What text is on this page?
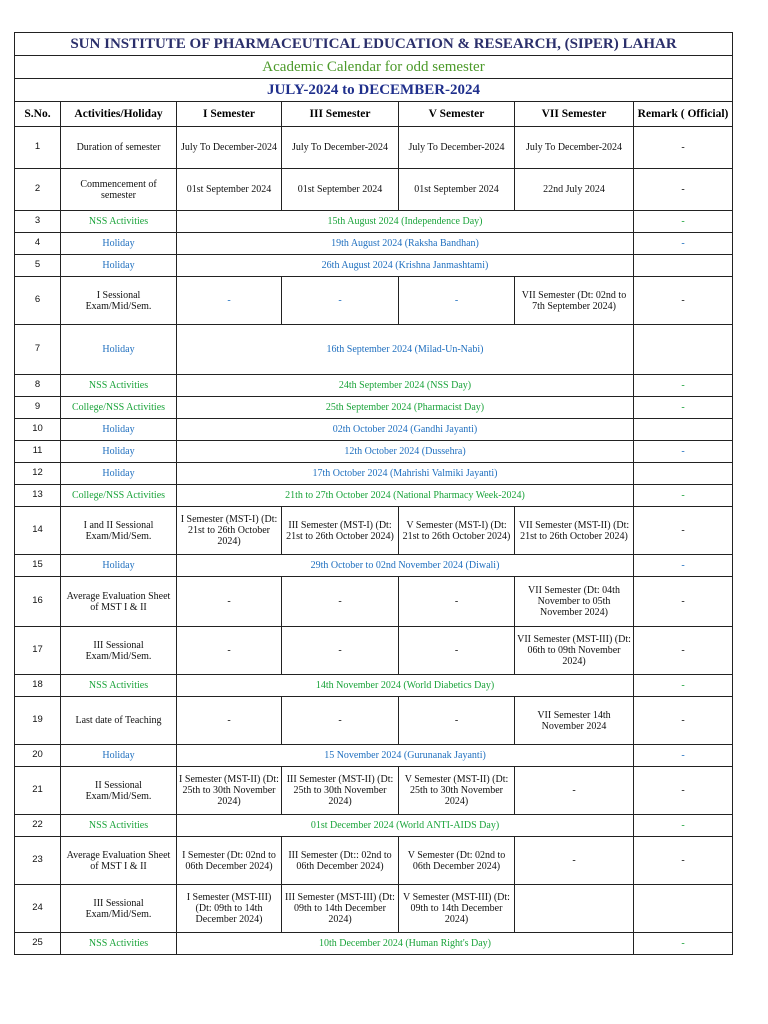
SUN INSTITUTE OF PHARMACEUTICAL EDUCATION & RESEARCH, (SIPER) LAHAR						
Academic Calendar for odd semester						
JULY-2024 to DECEMBER-2024						
S.No.	Activities/Holiday	I Semester	III Semester	V Semester	VII Semester	Remark ( Official)
1	Duration of semester	July To December-2024	July To December-2024	July To December-2024	July To December-2024	-
2	Commencement of semester	01st September 2024	01st September 2024	01st September 2024	22nd July 2024	-
3	NSS Activities	15th August 2024 (Independence Day)				-
4	Holiday	19th August 2024 (Raksha Bandhan)				-
5	Holiday	26th August 2024 (Krishna Janmashtami)				
6	I Sessional Exam/Mid/Sem.	-	-	-	VII Semester (Dt: 02nd to 7th September 2024)	-
7	Holiday	16th September 2024 (Milad-Un-Nabi)				
8	NSS Activities	24th September 2024 (NSS Day)				-
9	College/NSS Activities	25th September 2024 (Pharmacist Day)				-
10	Holiday	02th October 2024 (Gandhi Jayanti)				
11	Holiday	12th October 2024 (Dussehra)				-
12	Holiday	17th October 2024 (Mahrishi Valmiki Jayanti)				
13	College/NSS Activities	21th to 27th October 2024 (National Pharmacy Week-2024)				-
14	I and II Sessional Exam/Mid/Sem.	I Semester (MST-I) (Dt: 21st to 26th October 2024)	III Semester (MST-I) (Dt: 21st to 26th October 2024)	V Semester (MST-I) (Dt: 21st to 26th October 2024)	VII Semester (MST-II) (Dt: 21st to 26th October 2024)	-
15	Holiday	29th October to 02nd November 2024 (Diwali)				-
16	Average Evaluation Sheet of MST I & II	-	-	-	VII Semester (Dt: 04th November to 05th November 2024)	-
17	III Sessional Exam/Mid/Sem.	-	-	-	VII Semester (MST-III) (Dt: 06th to 09th November 2024)	-
18	NSS Activities	14th November 2024 (World Diabetics Day)				-
19	Last date of Teaching	-	-	-	VII Semester 14th November 2024	-
20	Holiday	15 November 2024 (Gurunanak Jayanti)				-
21	II Sessional Exam/Mid/Sem.	I Semester (MST-II) (Dt: 25th to 30th November 2024)	III Semester (MST-II) (Dt: 25th to 30th November 2024)	V Semester (MST-II) (Dt: 25th to 30th November 2024)	-	-
22	NSS Activities	01st December 2024 (World ANTI-AIDS Day)				-
23	Average Evaluation Sheet of MST I & II	I Semester (Dt: 02nd to 06th December 2024)	III Semester (Dt:: 02nd to 06th December 2024)	V Semester (Dt: 02nd to 06th December 2024)	-	-
24	III Sessional Exam/Mid/Sem.	I Semester (MST-III) (Dt: 09th to 14th December 2024)	III Semester (MST-III) (Dt: 09th to 14th December 2024)	V Semester (MST-III) (Dt: 09th to 14th December 2024)		
25	NSS Activities	10th December 2024 (Human Right's Day)				-
